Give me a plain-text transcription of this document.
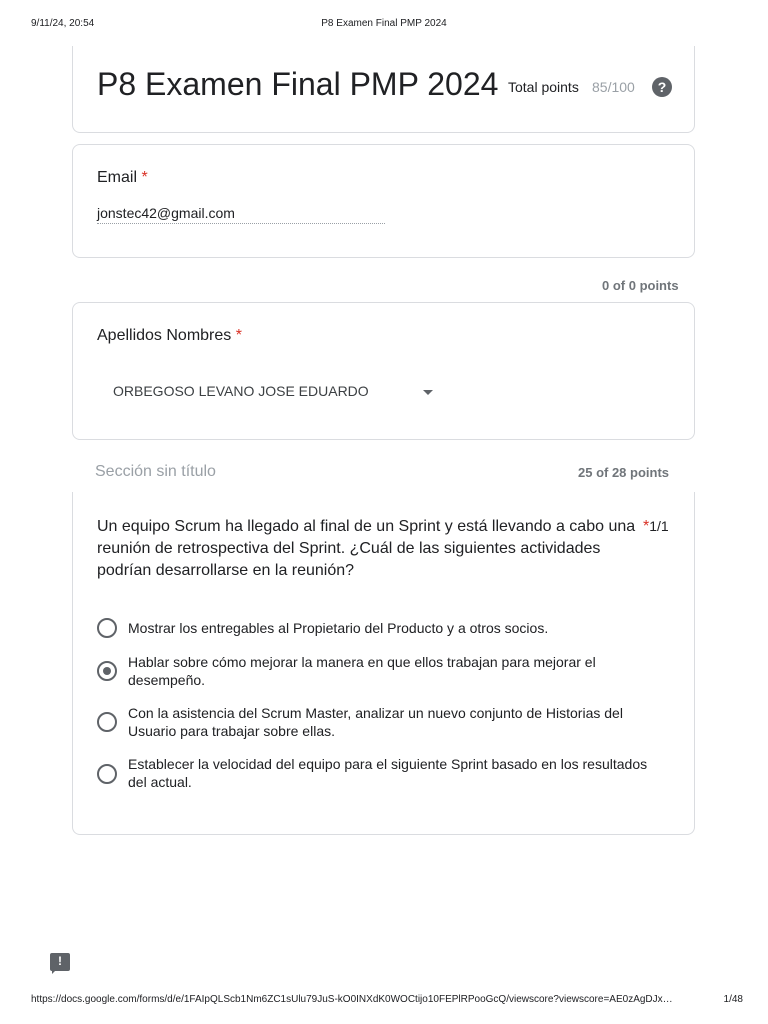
9/11/24, 20:54	P8 Examen Final PMP 2024
P8 Examen Final PMP 2024 Total points 85/100	?
Email *
jonstec42@gmail.com
0 of 0 points
Apellidos Nombres *
ORBEGOSO LEVANO JOSE EDUARDO
Sección sin título	25 of 28 points
Un equipo Scrum ha llegado al final de un Sprint y está llevando a cabo una reunión de retrospectiva del Sprint. ¿Cuál de las siguientes actividades podrían desarrollarse en la reunión?
*1/1
Mostrar los entregables al Propietario del Producto y a otros socios.
Hablar sobre cómo mejorar la manera en que ellos trabajan para mejorar el desempeño.
Con la asistencia del Scrum Master, analizar un nuevo conjunto de Historias del Usuario para trabajar sobre ellas.
Establecer la velocidad del equipo para el siguiente Sprint basado en los resultados del actual.
!
https://docs.google.com/forms/d/e/1FAIpQLScb1Nm6ZC1sUlu79JuS-kO0INXdK0WOCtijo10FEPlRPooGcQ/viewscore?viewscore=AE0zAgDJx…	1/48
